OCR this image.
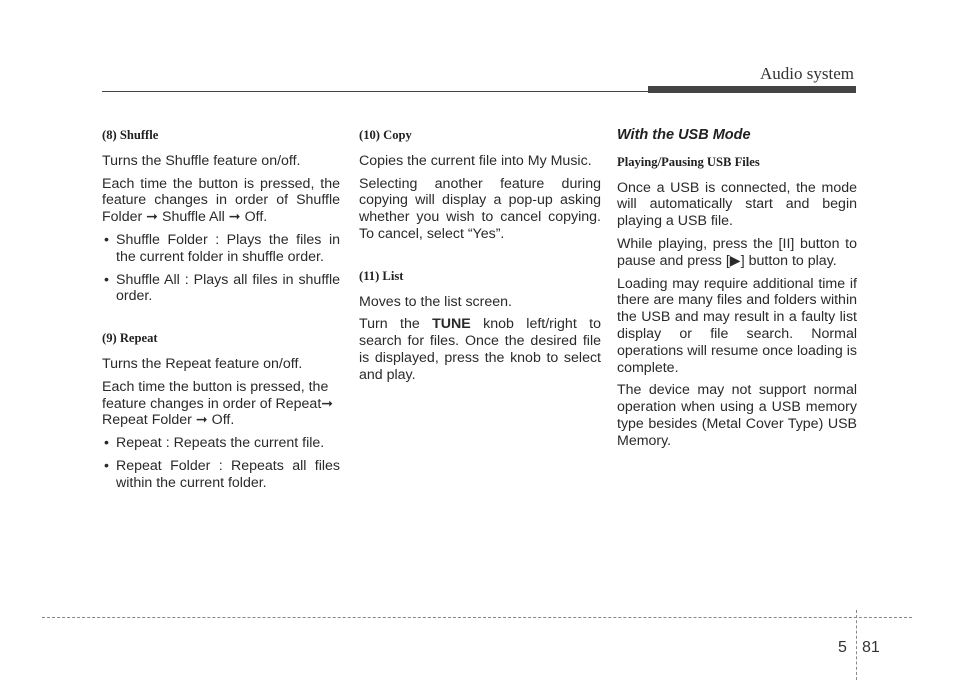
Audio system
(8) Shuffle

Turns the Shuffle feature on/off.

Each time the button is pressed, the feature changes in order of Shuffle Folder ➞ Shuffle All ➞ Off.

• Shuffle Folder : Plays the files in the current folder in shuffle order.
• Shuffle All : Plays all files in shuffle order.
(9) Repeat

Turns the Repeat feature on/off.

Each time the button is pressed, the feature changes in order of Repeat➞ Repeat Folder ➞ Off.

• Repeat : Repeats the current file.
• Repeat Folder : Repeats all files within the current folder.
(10) Copy

Copies the current file into My Music.

Selecting another feature during copying will display a pop-up asking whether you wish to cancel copying. To cancel, select “Yes”.

(11) List

Moves to the list screen.

Turn the TUNE knob left/right to search for files. Once the desired file is displayed, press the knob to select and play.

With the USB Mode
Playing/Pausing USB Files

Once a USB is connected, the mode will automatically start and begin playing a USB file.

While playing, press the [II] button to pause and press [▶] button to play.

Loading may require additional time if there are many files and folders within the USB and may result in a faulty list display or file search. Normal operations will resume once loading is complete.

The device may not support normal operation when using a USB memory type besides (Metal Cover Type) USB Memory.

5 81
